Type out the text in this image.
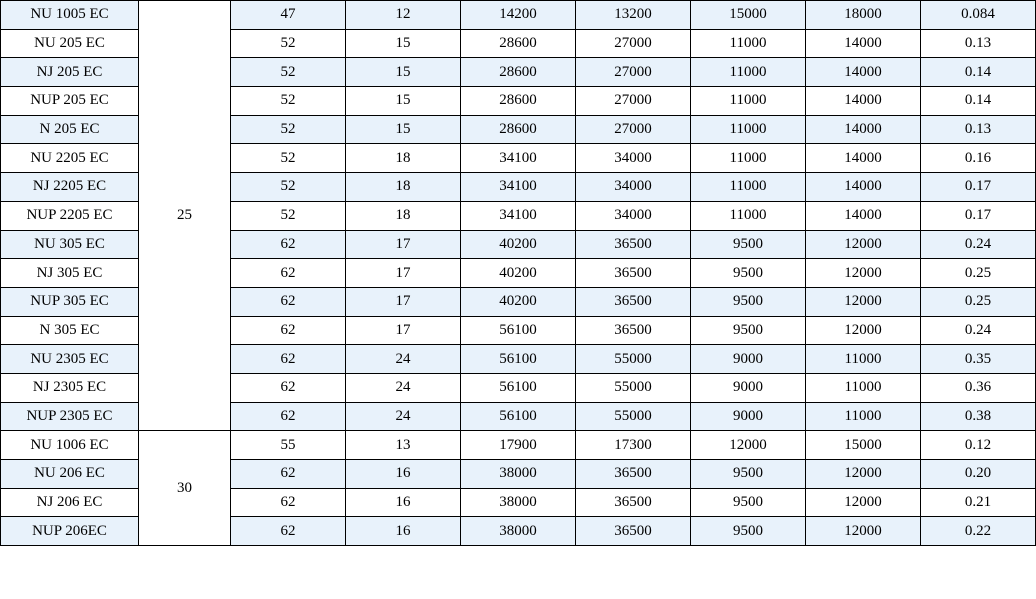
NU 1005 EC	25	47	12	14200	13200	15000	18000	0.084
NU 205 EC		52	15	28600	27000	11000	14000	0.13
NJ 205 EC		52	15	28600	27000	11000	14000	0.14
NUP 205 EC		52	15	28600	27000	11000	14000	0.14
N 205 EC		52	15	28600	27000	11000	14000	0.13
NU 2205 EC		52	18	34100	34000	11000	14000	0.16
NJ 2205 EC		52	18	34100	34000	11000	14000	0.17
NUP 2205 EC		52	18	34100	34000	11000	14000	0.17
NU 305 EC		62	17	40200	36500	9500	12000	0.24
NJ 305 EC		62	17	40200	36500	9500	12000	0.25
NUP 305 EC		62	17	40200	36500	9500	12000	0.25
N 305 EC		62	17	56100	36500	9500	12000	0.24
NU 2305 EC		62	24	56100	55000	9000	11000	0.35
NJ 2305 EC		62	24	56100	55000	9000	11000	0.36
NUP 2305 EC		62	24	56100	55000	9000	11000	0.38
NU 1006 EC	30	55	13	17900	17300	12000	15000	0.12
NU 206 EC		62	16	38000	36500	9500	12000	0.20
NJ 206 EC		62	16	38000	36500	9500	12000	0.21
NUP 206EC		62	16	38000	36500	9500	12000	0.22
